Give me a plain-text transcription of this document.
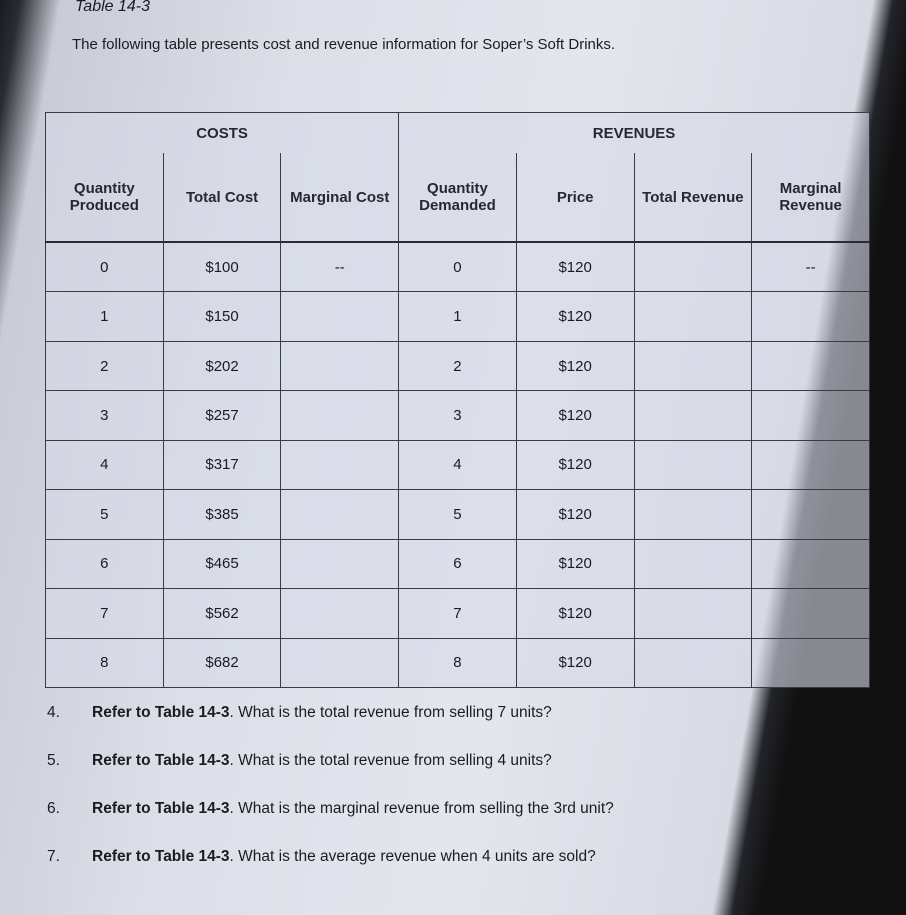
Table 14-3
The following table presents cost and revenue information for Soper’s Soft Drinks.
COSTS			REVENUES			
Quantity Produced	Total Cost	Marginal Cost	Quantity Demanded	Price	Total Revenue	Marginal Revenue
0	$100	--	0	$120		--
1	$150		1	$120		
2	$202		2	$120		
3	$257		3	$120		
4	$317		4	$120		
5	$385		5	$120		
6	$465		6	$120		
7	$562		7	$120		
8	$682		8	$120		
4. Refer to Table 14-3. What is the total revenue from selling 7 units?
5. Refer to Table 14-3. What is the total revenue from selling 4 units?
6. Refer to Table 14-3. What is the marginal revenue from selling the 3rd unit?
7. Refer to Table 14-3. What is the average revenue when 4 units are sold?
